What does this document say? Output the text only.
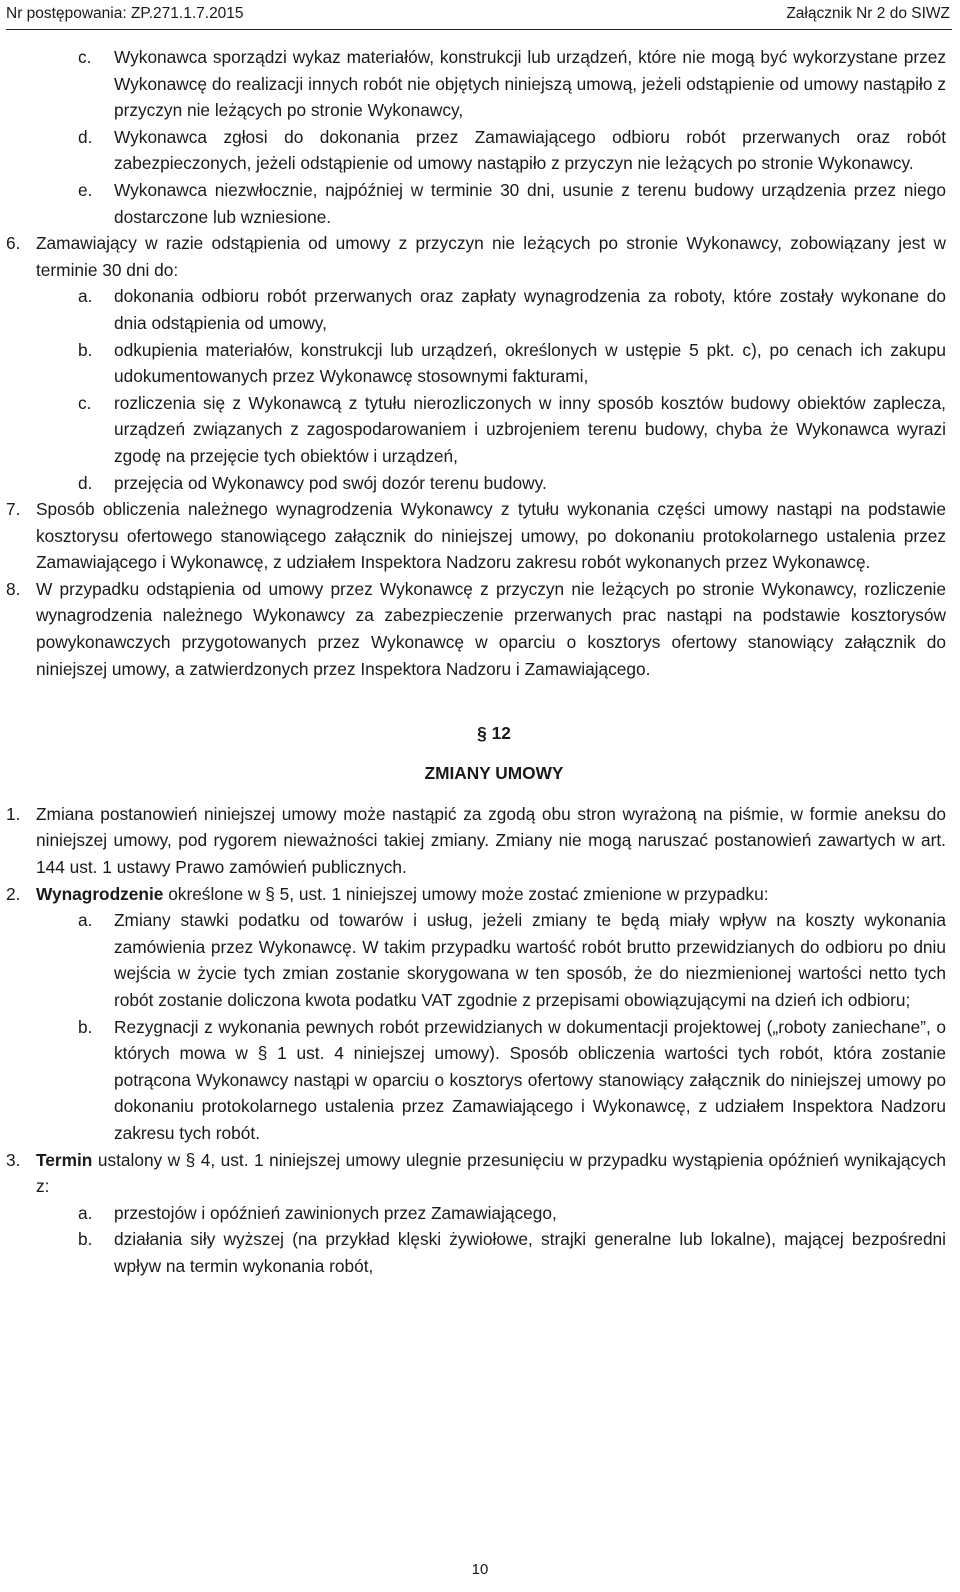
Nr postępowania: ZP.271.1.7.2015	Załącznik Nr 2 do SIWZ
c. Wykonawca sporządzi wykaz materiałów, konstrukcji lub urządzeń, które nie mogą być wykorzystane przez Wykonawcę do realizacji innych robót nie objętych niniejszą umową, jeżeli odstąpienie od umowy nastąpiło z przyczyn nie leżących po stronie Wykonawcy,
d. Wykonawca zgłosi do dokonania przez Zamawiającego odbioru robót przerwanych oraz robót zabezpieczonych, jeżeli odstąpienie od umowy nastąpiło z przyczyn nie leżących po stronie Wykonawcy.
e. Wykonawca niezwłocznie, najpóźniej w terminie 30 dni, usunie z terenu budowy urządzenia przez niego dostarczone lub wzniesione.
6. Zamawiający w razie odstąpienia od umowy z przyczyn nie leżących po stronie Wykonawcy, zobowiązany jest w terminie 30 dni do:
a. dokonania odbioru robót przerwanych oraz zapłaty wynagrodzenia za roboty, które zostały wykonane do dnia odstąpienia od umowy,
b. odkupienia materiałów, konstrukcji lub urządzeń, określonych w ustępie 5 pkt. c), po cenach ich zakupu udokumentowanych przez Wykonawcę stosownymi fakturami,
c. rozliczenia się z Wykonawcą z tytułu nierozliczonych w inny sposób kosztów budowy obiektów zaplecza, urządzeń związanych z zagospodarowaniem i uzbrojeniem terenu budowy, chyba że Wykonawca wyrazi zgodę na przejęcie tych obiektów i urządzeń,
d. przejęcia od Wykonawcy pod swój dozór terenu budowy.
7. Sposób obliczenia należnego wynagrodzenia Wykonawcy z tytułu wykonania części umowy nastąpi na podstawie kosztorysu ofertowego stanowiącego załącznik do niniejszej umowy, po dokonaniu protokolarnego ustalenia przez Zamawiającego i Wykonawcę, z udziałem Inspektora Nadzoru zakresu robót wykonanych przez Wykonawcę.
8. W przypadku odstąpienia od umowy przez Wykonawcę z przyczyn nie leżących po stronie Wykonawcy, rozliczenie wynagrodzenia należnego Wykonawcy za zabezpieczenie przerwanych prac nastąpi na podstawie kosztorysów powykonawczych przygotowanych przez Wykonawcę w oparciu o kosztorys ofertowy stanowiący załącznik do niniejszej umowy, a zatwierdzonych przez Inspektora Nadzoru i Zamawiającego.
§ 12
ZMIANY UMOWY
1. Zmiana postanowień niniejszej umowy może nastąpić za zgodą obu stron wyrażoną na piśmie, w formie aneksu do niniejszej umowy, pod rygorem nieważności takiej zmiany. Zmiany nie mogą naruszać postanowień zawartych w art. 144 ust. 1 ustawy Prawo zamówień publicznych.
2. Wynagrodzenie określone w § 5, ust. 1 niniejszej umowy może zostać zmienione w przypadku:
a. Zmiany stawki podatku od towarów i usług, jeżeli zmiany te będą miały wpływ na koszty wykonania zamówienia przez Wykonawcę. W takim przypadku wartość robót brutto przewidzianych do odbioru po dniu wejścia w życie tych zmian zostanie skorygowana w ten sposób, że do niezmienionej wartości netto tych robót zostanie doliczona kwota podatku VAT zgodnie z przepisami obowiązującymi na dzień ich odbioru;
b. Rezygnacji z wykonania pewnych robót przewidzianych w dokumentacji projektowej („roboty zaniechane”, o których mowa w § 1 ust. 4 niniejszej umowy). Sposób obliczenia wartości tych robót, która zostanie potrącona Wykonawcy nastąpi w oparciu o kosztorys ofertowy stanowiący załącznik do niniejszej umowy po dokonaniu protokolarnego ustalenia przez Zamawiającego i Wykonawcę, z udziałem Inspektora Nadzoru zakresu tych robót.
3. Termin ustalony w § 4, ust. 1 niniejszej umowy ulegnie przesunięciu w przypadku wystąpienia opóźnień wynikających z:
a. przestojów i opóźnień zawinionych przez Zamawiającego,
b. działania siły wyższej (na przykład klęski żywiołowe, strajki generalne lub lokalne), mającej bezpośredni wpływ na termin wykonania robót,
10
